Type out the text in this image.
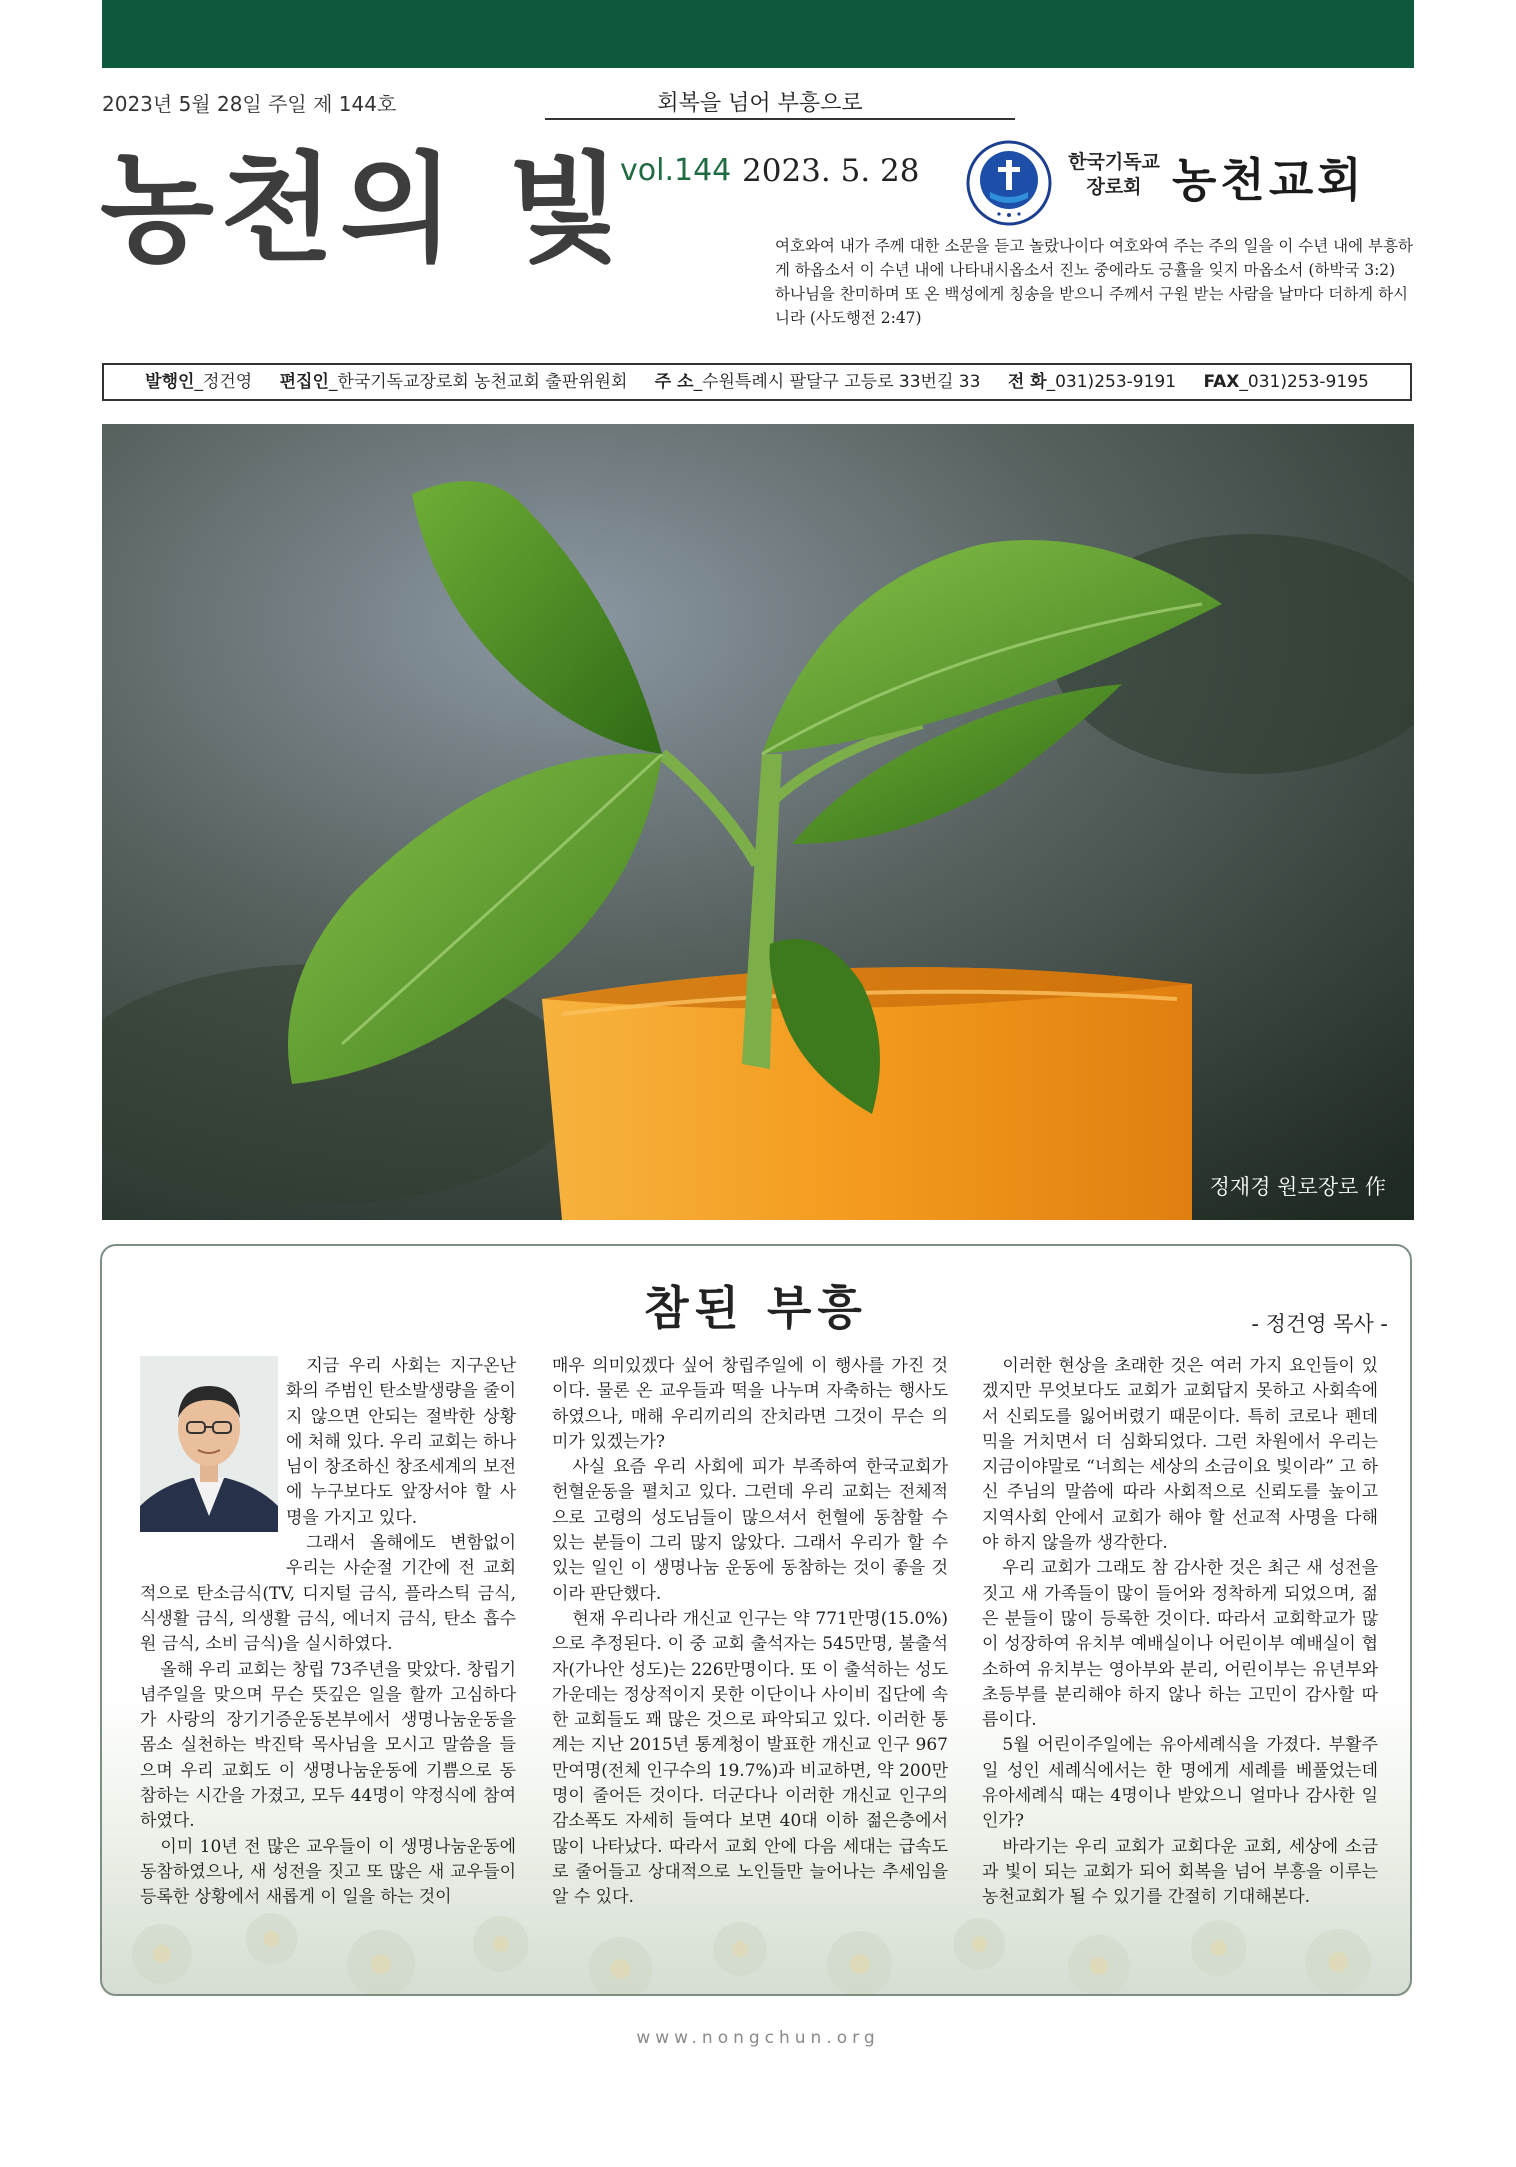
2023년 5월 28일 주일 제 144호	회복을 넘어 부흥으로
농천의 빛
vol.144 2023. 5. 28	한국기독교 장로회 농천교회

여호와여 내가 주께 대한 소문을 듣고 놀랐나이다 여호와여 주는 주의 일을 이 수년 내에 부흥하게 하옵소서 이 수년 내에 나타내시옵소서 진노 중에라도 긍휼을 잊지 마옵소서 (하박국 3:2)

하나님을 찬미하며 또 온 백성에게 칭송을 받으니 주께서 구원 받는 사람을 날마다 더하게 하시니라 (사도행전 2:47)

발행인_정건영 편집인_한국기독교장로회 농천교회 출판위원회 주 소_수원특례시 팔달구 고등로 33번길 33 전 화_031)253-9191 FAX_031)253-9195
정재경 원로장로 作
참된 부흥	- 정건영 목사 -

지금 우리 사회는 지구온난화의 주범인 탄소발생량을 줄이지 않으면 안되는 절박한 상황에 처해 있다. 우리 교회는 하나님이 창조하신 창조세계의 보전에 누구보다도 앞장서야 할 사명을 가지고 있다.

그래서 올해에도 변함없이 우리는 사순절 기간에 전 교회적으로 탄소금식(TV, 디지털 금식, 플라스틱 금식, 식생활 금식, 의생활 금식, 에너지 금식, 탄소 흡수원 금식, 소비 금식)을 실시하였다.

올해 우리 교회는 창립 73주년을 맞았다. 창립기념주일을 맞으며 무슨 뜻깊은 일을 할까 고심하다가 사랑의 장기기증운동본부에서 생명나눔운동을 몸소 실천하는 박진탁 목사님을 모시고 말씀을 들으며 우리 교회도 이 생명나눔운동에 기쁨으로 동참하는 시간을 가졌고, 모두 44명이 약정식에 참여하였다.

이미 10년 전 많은 교우들이 이 생명나눔운동에 동참하였으나, 새 성전을 짓고 또 많은 새 교우들이 등록한 상황에서 새롭게 이 일을 하는 것이

매우 의미있겠다 싶어 창립주일에 이 행사를 가진 것이다. 물론 온 교우들과 떡을 나누며 자축하는 행사도 하였으나, 매해 우리끼리의 잔치라면 그것이 무슨 의미가 있겠는가?

사실 요즘 우리 사회에 피가 부족하여 한국교회가 헌혈운동을 펼치고 있다. 그런데 우리 교회는 전체적으로 고령의 성도님들이 많으셔서 헌혈에 동참할 수 있는 분들이 그리 많지 않았다. 그래서 우리가 할 수 있는 일인 이 생명나눔 운동에 동참하는 것이 좋을 것이라 판단했다.

현재 우리나라 개신교 인구는 약 771만명(15.0%)으로 추정된다. 이 중 교회 출석자는 545만명, 불출석자(가나안 성도)는 226만명이다. 또 이 출석하는 성도 가운데는 정상적이지 못한 이단이나 사이비 집단에 속한 교회들도 꽤 많은 것으로 파악되고 있다. 이러한 통계는 지난 2015년 통계청이 발표한 개신교 인구 967만여명(전체 인구수의 19.7%)과 비교하면, 약 200만명이 줄어든 것이다. 더군다나 이러한 개신교 인구의 감소폭도 자세히 들여다 보면 40대 이하 젊은층에서 많이 나타났다. 따라서 교회 안에 다음 세대는 급속도로 줄어들고 상대적으로 노인들만 늘어나는 추세임을 알 수 있다.

이러한 현상을 초래한 것은 여러 가지 요인들이 있겠지만 무엇보다도 교회가 교회답지 못하고 사회속에서 신뢰도를 잃어버렸기 때문이다. 특히 코로나 펜데믹을 거치면서 더 심화되었다. 그런 차원에서 우리는 지금이야말로 “너희는 세상의 소금이요 빛이라” 고 하신 주님의 말씀에 따라 사회적으로 신뢰도를 높이고 지역사회 안에서 교회가 해야 할 선교적 사명을 다해야 하지 않을까 생각한다.

우리 교회가 그래도 참 감사한 것은 최근 새 성전을 짓고 새 가족들이 많이 들어와 정착하게 되었으며, 젊은 분들이 많이 등록한 것이다. 따라서 교회학교가 많이 성장하여 유치부 예배실이나 어린이부 예배실이 협소하여 유치부는 영아부와 분리, 어린이부는 유년부와 초등부를 분리해야 하지 않나 하는 고민이 감사할 따름이다.

5월 어린이주일에는 유아세례식을 가졌다. 부활주일 성인 세례식에서는 한 명에게 세례를 베풀었는데 유아세례식 때는 4명이나 받았으니 얼마나 감사한 일인가?

바라기는 우리 교회가 교회다운 교회, 세상에 소금과 빛이 되는 교회가 되어 회복을 넘어 부흥을 이루는 농천교회가 될 수 있기를 간절히 기대해본다.

www.nongchun.org
